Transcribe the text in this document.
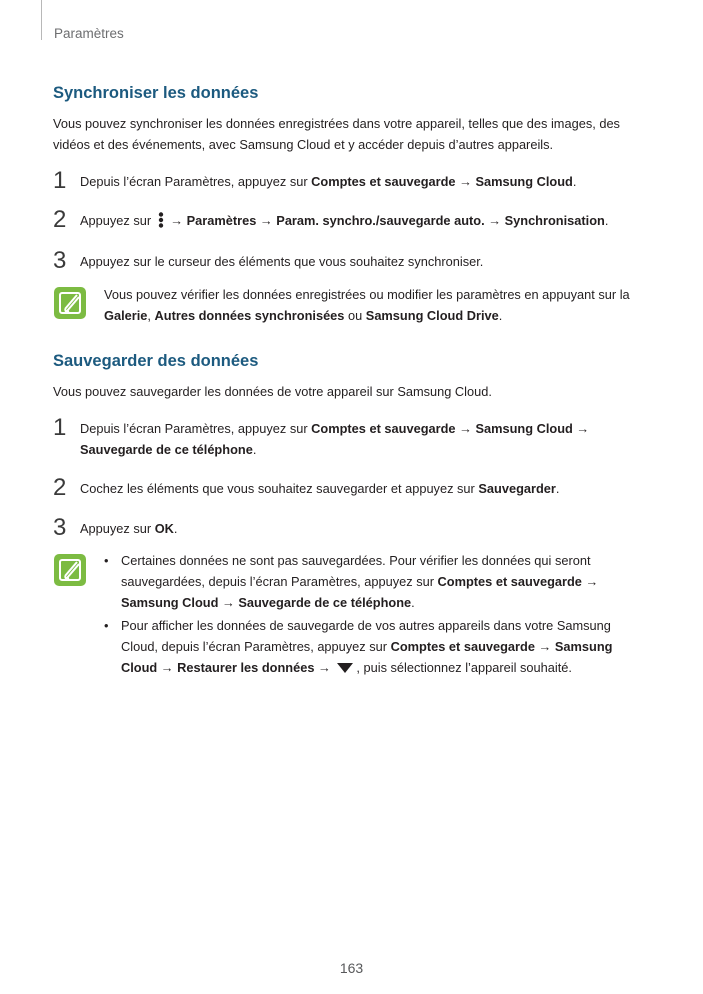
Paramètres
Synchroniser les données
Vous pouvez synchroniser les données enregistrées dans votre appareil, telles que des images, des vidéos et des événements, avec Samsung Cloud et y accéder depuis d’autres appareils.
1 Depuis l’écran Paramètres, appuyez sur Comptes et sauvegarde → Samsung Cloud.
2 Appuyez sur  → Paramètres → Param. synchro./sauvegarde auto. → Synchronisation.
3 Appuyez sur le curseur des éléments que vous souhaitez synchroniser.
Vous pouvez vérifier les données enregistrées ou modifier les paramètres en appuyant sur la Galerie, Autres données synchronisées ou Samsung Cloud Drive.
Sauvegarder des données
Vous pouvez sauvegarder les données de votre appareil sur Samsung Cloud.
1 Depuis l’écran Paramètres, appuyez sur Comptes et sauvegarde → Samsung Cloud → Sauvegarde de ce téléphone.
2 Cochez les éléments que vous souhaitez sauvegarder et appuyez sur Sauvegarder.
3 Appuyez sur OK.
• Certaines données ne sont pas sauvegardées. Pour vérifier les données qui seront sauvegardées, depuis l’écran Paramètres, appuyez sur Comptes et sauvegarde → Samsung Cloud → Sauvegarde de ce téléphone.
• Pour afficher les données de sauvegarde de vos autres appareils dans votre Samsung Cloud, depuis l’écran Paramètres, appuyez sur Comptes et sauvegarde → Samsung Cloud → Restaurer les données → , puis sélectionnez l’appareil souhaité.
163
